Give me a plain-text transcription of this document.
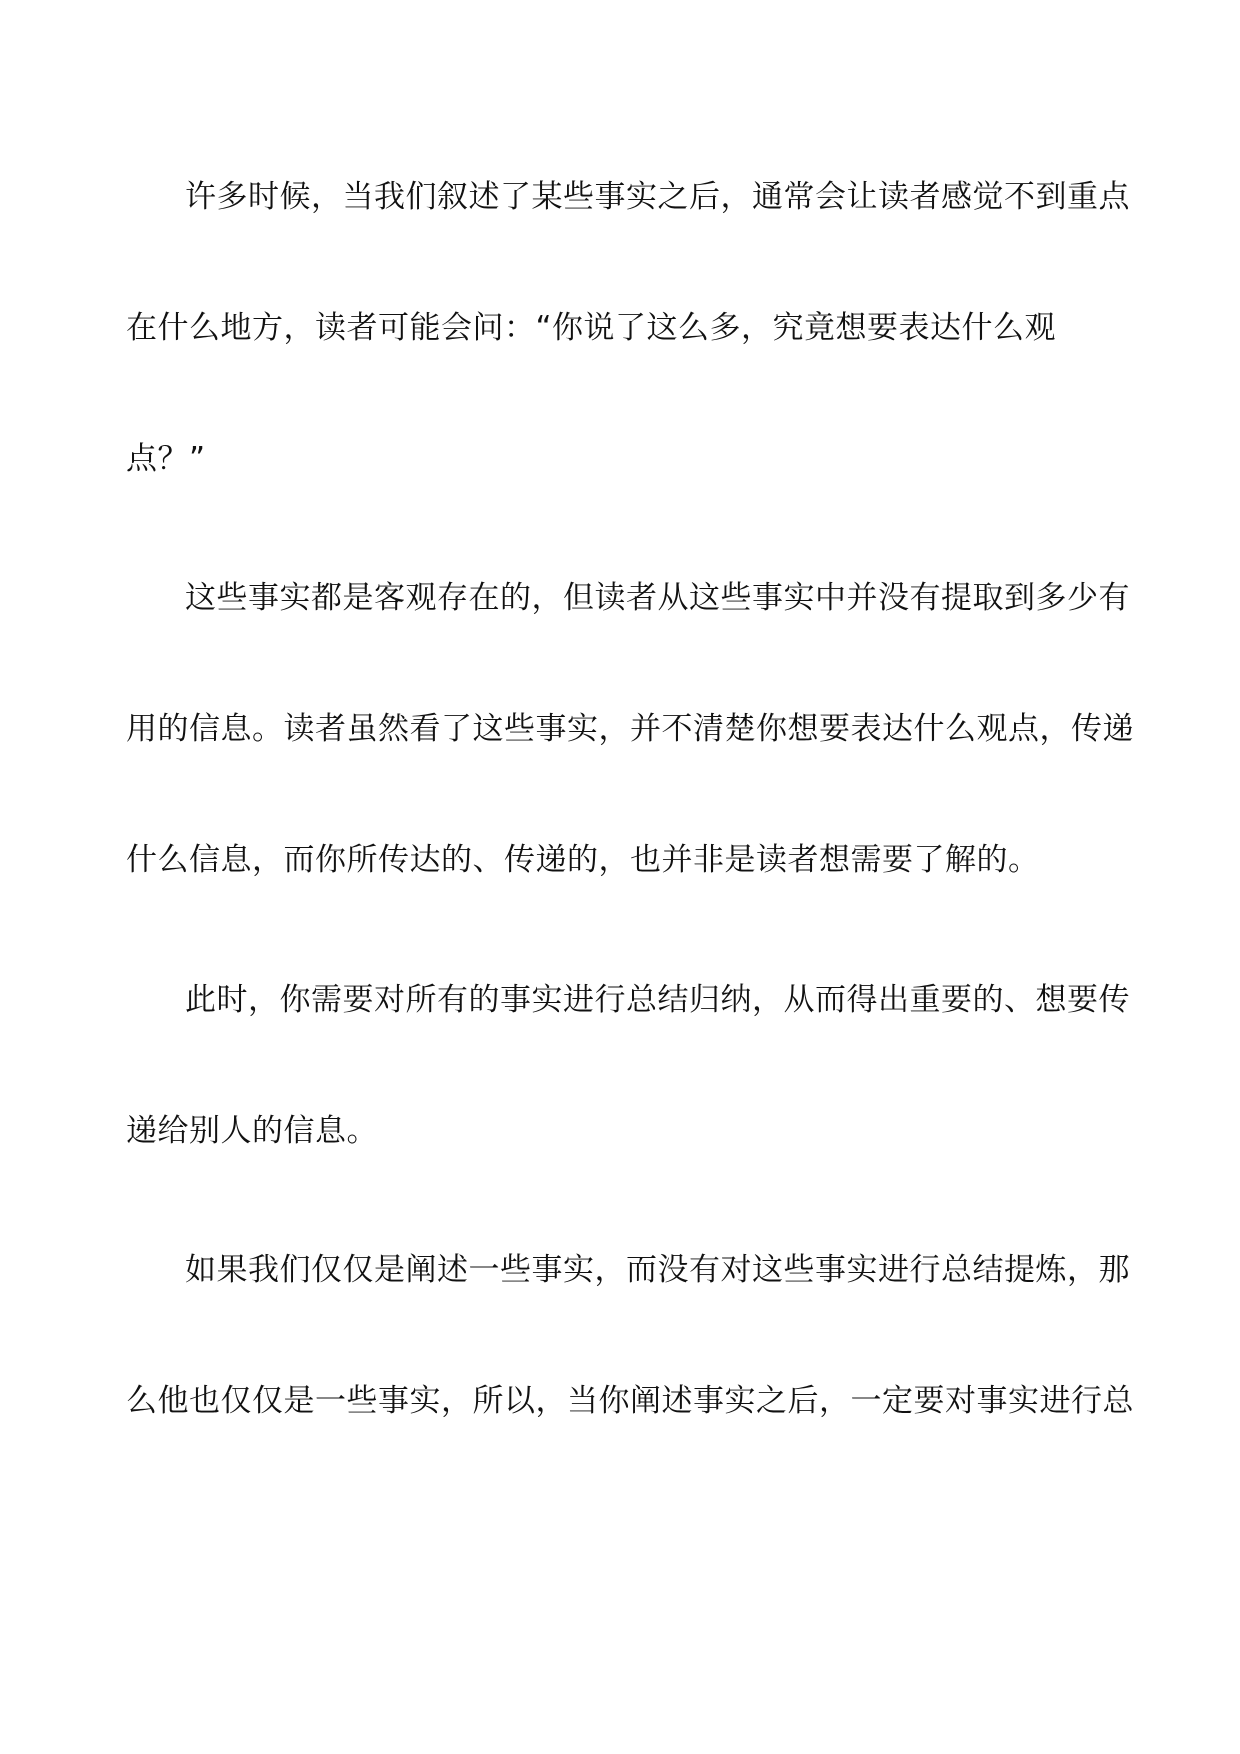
许多时候，当我们叙述了某些事实之后，通常会让读者感觉不到重点
在什么地方，读者可能会问：“你说了这么多，究竟想要表达什么观
点？”
这些事实都是客观存在的，但读者从这些事实中并没有提取到多少有
用的信息。读者虽然看了这些事实，并不清楚你想要表达什么观点，传递
什么信息，而你所传达的、传递的，也并非是读者想需要了解的。
此时，你需要对所有的事实进行总结归纳，从而得出重要的、想要传
递给别人的信息。
如果我们仅仅是阐述一些事实，而没有对这些事实进行总结提炼，那
么他也仅仅是一些事实，所以，当你阐述事实之后，一定要对事实进行总
